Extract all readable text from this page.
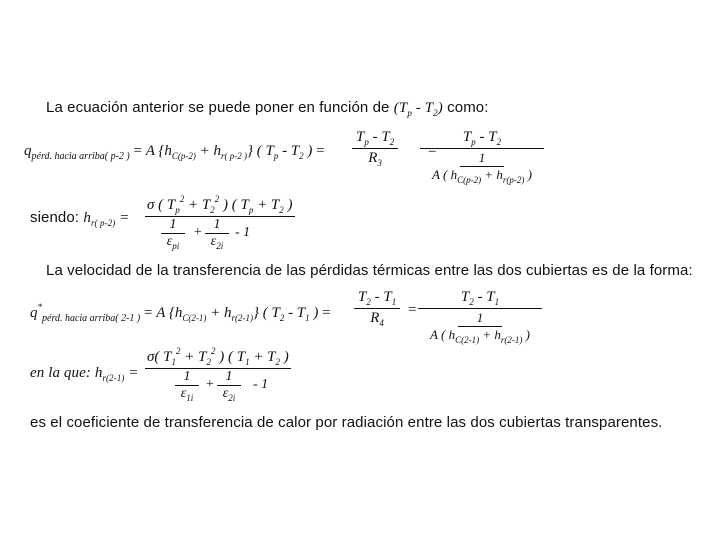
La ecuación anterior se puede poner en función de $(T_p - T_2)$ como:
$q_{pérd. hacia arriba( p-2 )} = A$ $\{h_{C(p-2)} + h_{r( p-2 )}\}$ ( $T_p - T_2$ ) = $\frac{T_p - T_2}{R_3}$ =
$T_p - T_2$
1
A ( $h_{C(p-2)} + h_{r(p-2)}$ )
siendo: $h_{r( p-2)}$ =
σ ( $T_p^2 + T_2^2$ ) ( $T_p + T_2$ )
1
$\varepsilon_{pi}$
+
1
$\varepsilon_{2i}$
- 1
La velocidad de la transferencia de las pérdidas térmicas entre las dos cubiertas es de la forma:
$q^*_{pérd. hacia arriba( 2-1 )} = A$ $\{h_{C(2-1)} + h_{r(2-1)}\}$ ( $T_2 - T_1$ ) = $\frac{T_2 - T_1}{R_4} = T_2 - T_1$
1
A ( $h_{C(2-1)} + h_{r(2-1)}$ )
en la que: $h_{r(2-1)}$ =
σ( $T_1^2 + T_2^2$ ) ( $T_1 + T_2$ )
1
$\varepsilon_{1i}$
+
1
$\varepsilon_{2i}$
- 1
es el coeficiente de transferencia de calor por radiación entre las dos cubiertas transparentes.
